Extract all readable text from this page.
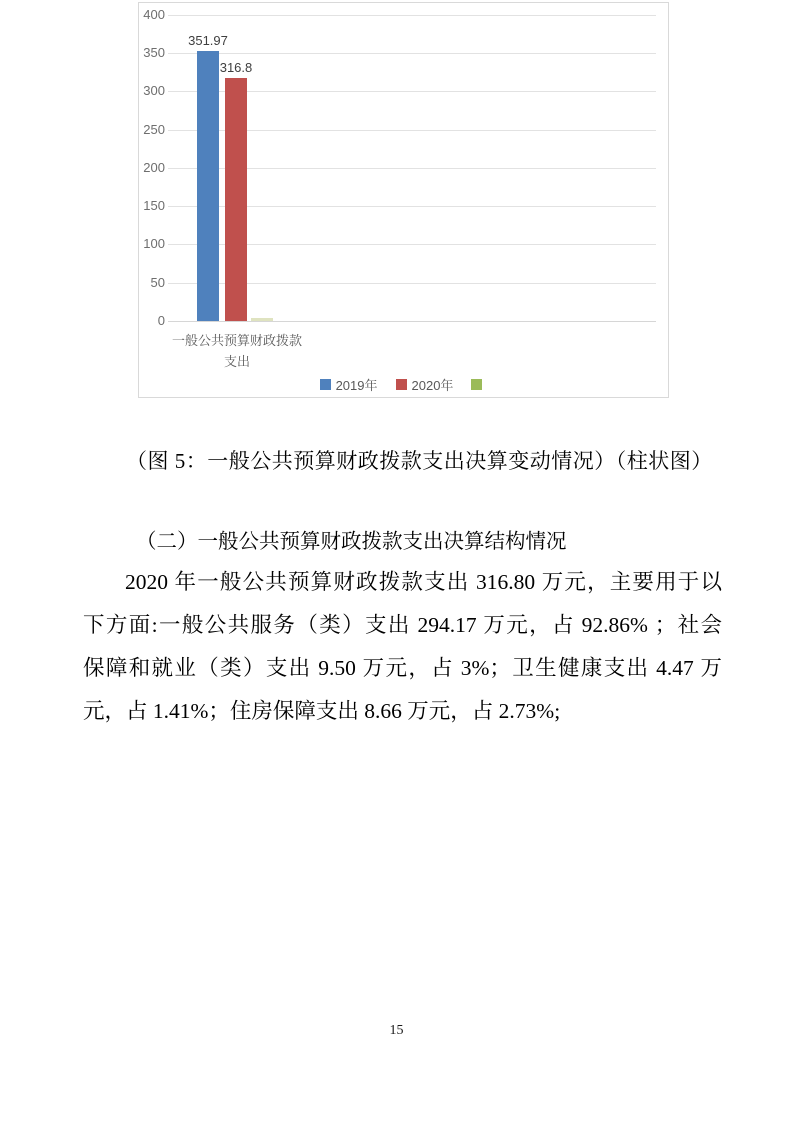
400
350
300
250
200
150
100
50
0
351.97
316.8
一般公共预算财政拨款
支出
2019年	2020年
（图 5：一般公共预算财政拨款支出决算变动情况）（柱状图）
（二）一般公共预算财政拨款支出决算结构情况
2020 年一般公共预算财政拨款支出 316.80 万元，主要用于以
下方面:一般公共服务（类）支出 294.17 万元，占 92.86% ；社会
保障和就业（类）支出 9.50 万元，占 3%；卫生健康支出 4.47 万
元，占 1.41%；住房保障支出 8.66 万元，占 2.73%;
15
